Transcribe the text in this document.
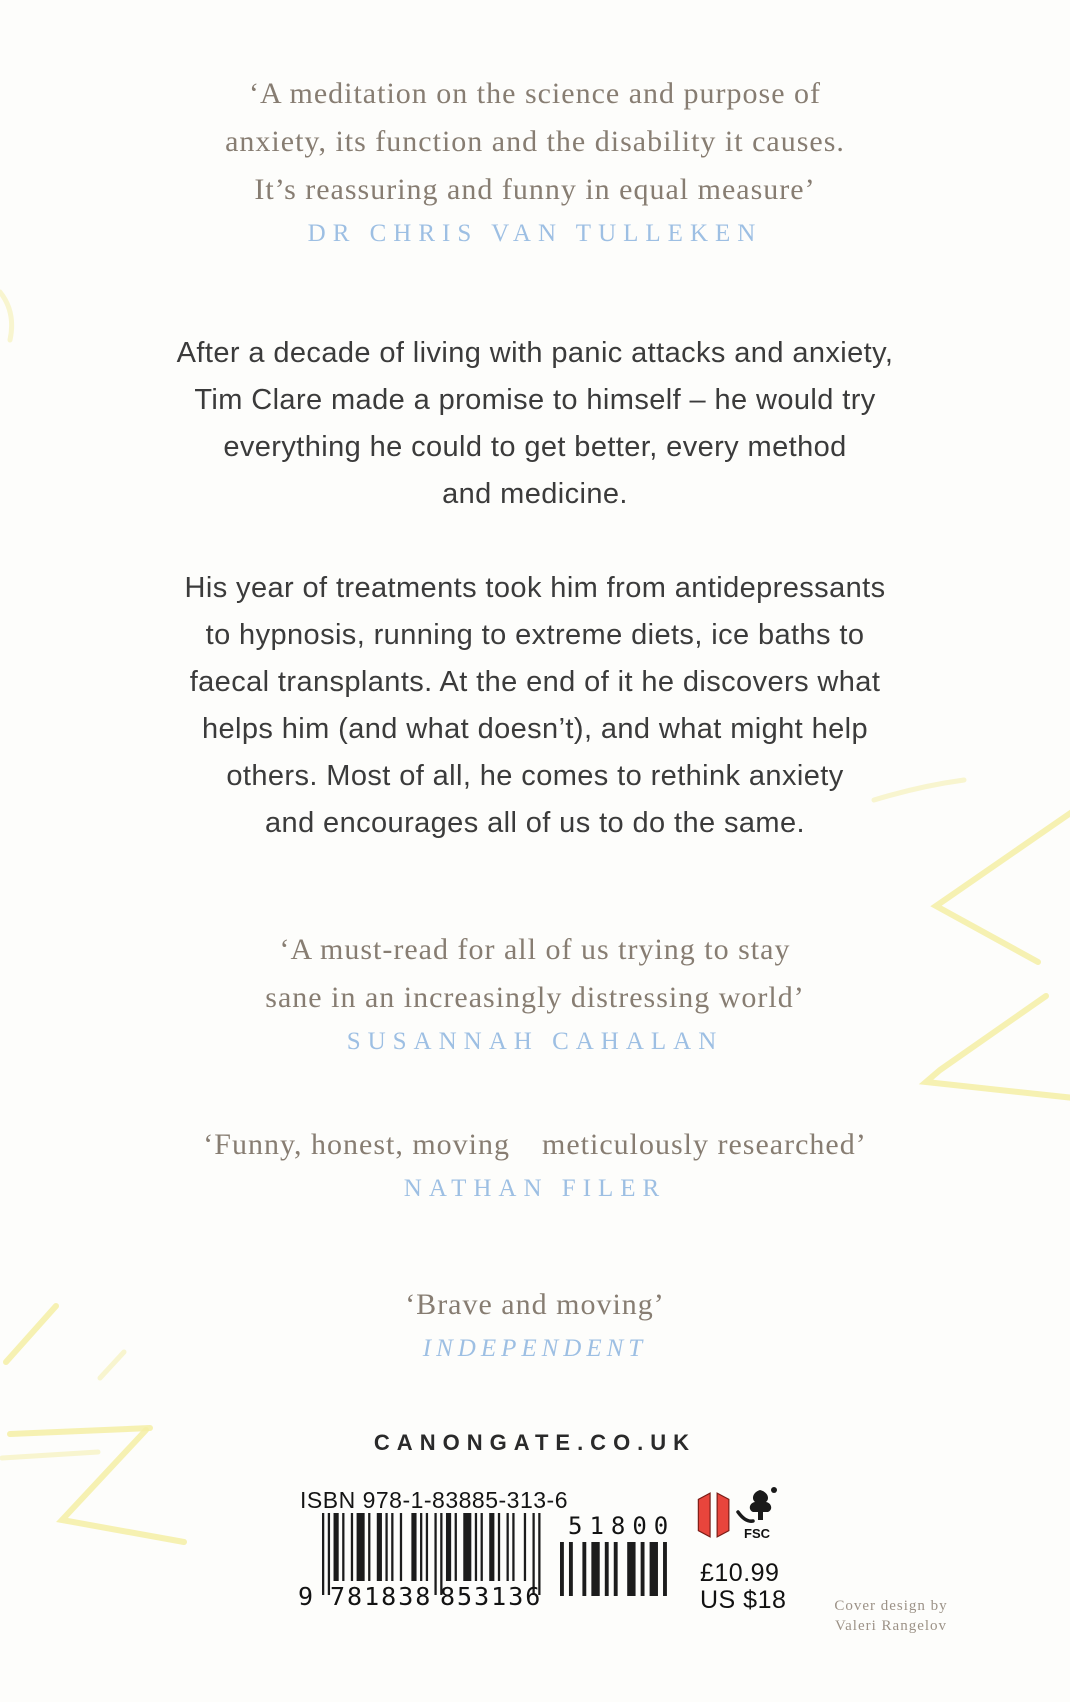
‘A meditation on the science and purpose of
anxiety, its function and the disability it causes.
It’s reassuring and funny in equal measure’
DR CHRIS VAN TULLEKEN
After a decade of living with panic attacks and anxiety,
Tim Clare made a promise to himself – he would try
everything he could to get better, every method
and medicine.
His year of treatments took him from antidepressants
to hypnosis, running to extreme diets, ice baths to
faecal transplants. At the end of it he discovers what
helps him (and what doesn’t), and what might help
others. Most of all, he comes to rethink anxiety
and encourages all of us to do the same.
‘A must-read for all of us trying to stay
sane in an increasingly distressing world’
SUSANNAH CAHALAN
‘Funny, honest, moving  meticulously researched’
NATHAN FILER
‘Brave and moving’
INDEPENDENT
CANONGATE.CO.UK
ISBN 978-1-83885-313-6
9 781838 853136
51800	FSC
£10.99
US $18	Cover design by
Valeri Rangelov
